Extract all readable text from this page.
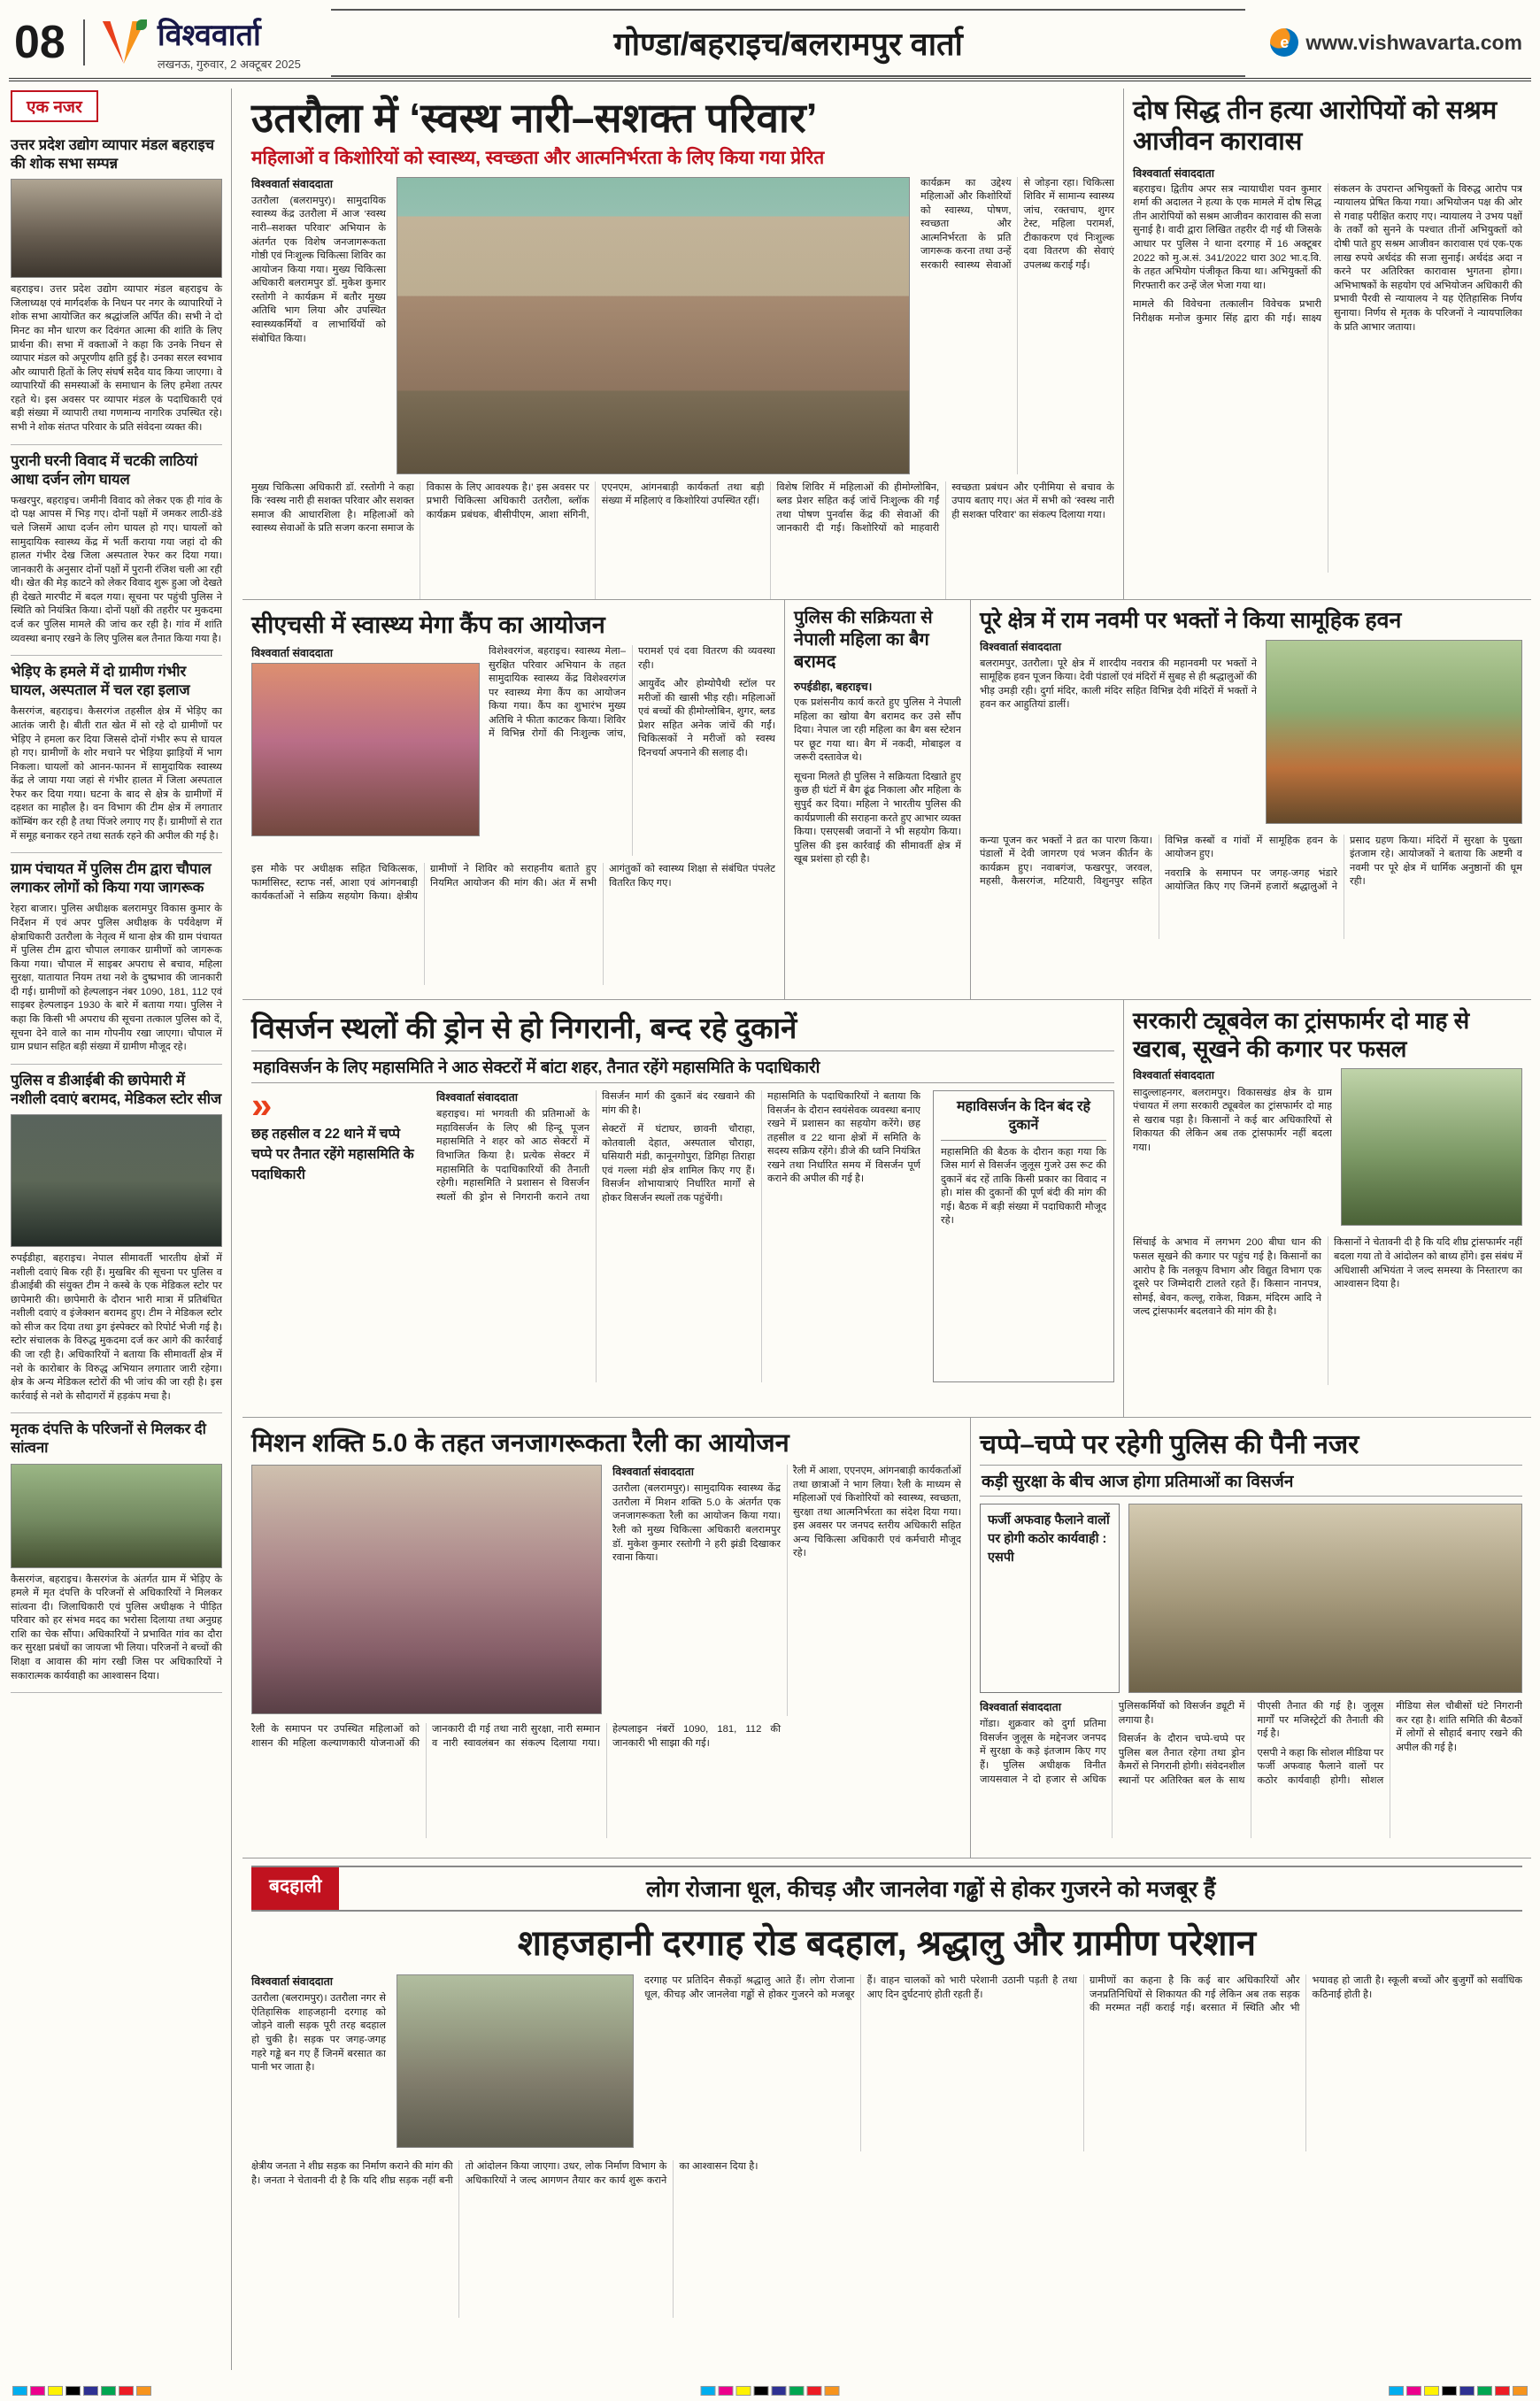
08	विश्ववार्ता
लखनऊ, गुरुवार, 2 अक्टूबर 2025
गोण्डा/बहराइच/बलरामपुर वार्ता	e www.vishwavarta.com
एक नजर
उत्तर प्रदेश उद्योग व्यापार मंडल बहराइच की शोक सभा सम्पन्न

बहराइच। उत्तर प्रदेश उद्योग व्यापार मंडल बहराइच के जिलाध्यक्ष एवं मार्गदर्शक के निधन पर नगर के व्यापारियों ने शोक सभा आयोजित कर श्रद्धांजलि अर्पित की। सभी ने दो मिनट का मौन धारण कर दिवंगत आत्मा की शांति के लिए प्रार्थना की। सभा में वक्ताओं ने कहा कि उनके निधन से व्यापार मंडल को अपूरणीय क्षति हुई है। उनका सरल स्वभाव और व्यापारी हितों के लिए संघर्ष सदैव याद किया जाएगा। वे व्यापारियों की समस्याओं के समाधान के लिए हमेशा तत्पर रहते थे। इस अवसर पर व्यापार मंडल के पदाधिकारी एवं बड़ी संख्या में व्यापारी तथा गणमान्य नागरिक उपस्थित रहे। सभी ने शोक संतप्त परिवार के प्रति संवेदना व्यक्त की।

पुरानी घरनी विवाद में चटकी लाठियां आधा दर्जन लोग घायल

फखरपुर, बहराइच। जमीनी विवाद को लेकर एक ही गांव के दो पक्ष आपस में भिड़ गए। दोनों पक्षों में जमकर लाठी-डंडे चले जिसमें आधा दर्जन लोग घायल हो गए। घायलों को सामुदायिक स्वास्थ्य केंद्र में भर्ती कराया गया जहां दो की हालत गंभीर देख जिला अस्पताल रेफर कर दिया गया। जानकारी के अनुसार दोनों पक्षों में पुरानी रंजिश चली आ रही थी। खेत की मेड़ काटने को लेकर विवाद शुरू हुआ जो देखते ही देखते मारपीट में बदल गया। सूचना पर पहुंची पुलिस ने स्थिति को नियंत्रित किया। दोनों पक्षों की तहरीर पर मुकदमा दर्ज कर पुलिस मामले की जांच कर रही है। गांव में शांति व्यवस्था बनाए रखने के लिए पुलिस बल तैनात किया गया है।

भेड़िए के हमले में दो ग्रामीण गंभीर घायल, अस्पताल में चल रहा इलाज

कैसरगंज, बहराइच। कैसरगंज तहसील क्षेत्र में भेड़िए का आतंक जारी है। बीती रात खेत में सो रहे दो ग्रामीणों पर भेड़िए ने हमला कर दिया जिससे दोनों गंभीर रूप से घायल हो गए। ग्रामीणों के शोर मचाने पर भेड़िया झाड़ियों में भाग निकला। घायलों को आनन-फानन में सामुदायिक स्वास्थ्य केंद्र ले जाया गया जहां से गंभीर हालत में जिला अस्पताल रेफर कर दिया गया। घटना के बाद से क्षेत्र के ग्रामीणों में दहशत का माहौल है। वन विभाग की टीम क्षेत्र में लगातार कॉम्बिंग कर रही है तथा पिंजरे लगाए गए हैं। ग्रामीणों से रात में समूह बनाकर रहने तथा सतर्क रहने की अपील की गई है।

ग्राम पंचायत में पुलिस टीम द्वारा चौपाल लगाकर लोगों को किया गया जागरूक

रेहरा बाजार। पुलिस अधीक्षक बलरामपुर विकास कुमार के निर्देशन में एवं अपर पुलिस अधीक्षक के पर्यवेक्षण में क्षेत्राधिकारी उतरौला के नेतृत्व में थाना क्षेत्र की ग्राम पंचायत में पुलिस टीम द्वारा चौपाल लगाकर ग्रामीणों को जागरूक किया गया। चौपाल में साइबर अपराध से बचाव, महिला सुरक्षा, यातायात नियम तथा नशे के दुष्प्रभाव की जानकारी दी गई। ग्रामीणों को हेल्पलाइन नंबर 1090, 181, 112 एवं साइबर हेल्पलाइन 1930 के बारे में बताया गया। पुलिस ने कहा कि किसी भी अपराध की सूचना तत्काल पुलिस को दें, सूचना देने वाले का नाम गोपनीय रखा जाएगा। चौपाल में ग्राम प्रधान सहित बड़ी संख्या में ग्रामीण मौजूद रहे।

पुलिस व डीआईबी की छापेमारी में नशीली दवाएं बरामद, मेडिकल स्टोर सीज

रुपईडीहा, बहराइच। नेपाल सीमावर्ती भारतीय क्षेत्रों में नशीली दवाएं बिक रही हैं। मुखबिर की सूचना पर पुलिस व डीआईबी की संयुक्त टीम ने कस्बे के एक मेडिकल स्टोर पर छापेमारी की। छापेमारी के दौरान भारी मात्रा में प्रतिबंधित नशीली दवाएं व इंजेक्शन बरामद हुए। टीम ने मेडिकल स्टोर को सीज कर दिया तथा ड्रग इंस्पेक्टर को रिपोर्ट भेजी गई है। स्टोर संचालक के विरुद्ध मुकदमा दर्ज कर आगे की कार्रवाई की जा रही है। अधिकारियों ने बताया कि सीमावर्ती क्षेत्र में नशे के कारोबार के विरुद्ध अभियान लगातार जारी रहेगा। क्षेत्र के अन्य मेडिकल स्टोरों की भी जांच की जा रही है। इस कार्रवाई से नशे के सौदागरों में हड़कंप मचा है।

मृतक दंपत्ति के परिजनों से मिलकर दी सांत्वना

कैसरगंज, बहराइच। कैसरगंज के अंतर्गत ग्राम में भेड़िए के हमले में मृत दंपत्ति के परिजनों से अधिकारियों ने मिलकर सांत्वना दी। जिलाधिकारी एवं पुलिस अधीक्षक ने पीड़ित परिवार को हर संभव मदद का भरोसा दिलाया तथा अनुग्रह राशि का चेक सौंपा। अधिकारियों ने प्रभावित गांव का दौरा कर सुरक्षा प्रबंधों का जायजा भी लिया। परिजनों ने बच्चों की शिक्षा व आवास की मांग रखी जिस पर अधिकारियों ने सकारात्मक कार्यवाही का आश्वासन दिया।

उतरौला में ‘स्वस्थ नारी–सशक्त परिवार’
महिलाओं व किशोरियों को स्वास्थ्य, स्वच्छता और आत्मनिर्भरता के लिए किया गया प्रेरित
विश्ववार्ता संवाददाता

उतरौला (बलरामपुर)। सामुदायिक स्वास्थ्य केंद्र उतरौला में आज ‘स्वस्थ नारी–सशक्त परिवार’ अभियान के अंतर्गत एक विशेष जनजागरूकता गोष्ठी एवं निःशुल्क चिकित्सा शिविर का आयोजन किया गया। मुख्य चिकित्सा अधिकारी बलरामपुर डॉ. मुकेश कुमार रस्तोगी ने कार्यक्रम में बतौर मुख्य अतिथि भाग लिया और उपस्थित स्वास्थ्यकर्मियों व लाभार्थियों को संबोधित किया।

कार्यक्रम का उद्देश्य महिलाओं और किशोरियों को स्वास्थ्य, पोषण, स्वच्छता और आत्मनिर्भरता के प्रति जागरूक करना तथा उन्हें सरकारी स्वास्थ्य सेवाओं से जोड़ना रहा। चिकित्सा शिविर में सामान्य स्वास्थ्य जांच, रक्तचाप, शुगर टेस्ट, महिला परामर्श, टीकाकरण एवं निःशुल्क दवा वितरण की सेवाएं उपलब्ध कराई गईं।

मुख्य चिकित्सा अधिकारी डॉ. रस्तोगी ने कहा कि ‘स्वस्थ नारी ही सशक्त परिवार और सशक्त समाज की आधारशिला है। महिलाओं को स्वास्थ्य सेवाओं के प्रति सजग करना समाज के विकास के लिए आवश्यक है।’ इस अवसर पर प्रभारी चिकित्सा अधिकारी उतरौला, ब्लॉक कार्यक्रम प्रबंधक, बीसीपीएम, आशा संगिनी, एएनएम, आंगनबाड़ी कार्यकर्ता तथा बड़ी संख्या में महिलाएं व किशोरियां उपस्थित रहीं।

विशेष शिविर में महिलाओं की हीमोग्लोबिन, ब्लड प्रेशर सहित कई जांचें निःशुल्क की गईं तथा पोषण पुनर्वास केंद्र की सेवाओं की जानकारी दी गई। किशोरियों को माहवारी स्वच्छता प्रबंधन और एनीमिया से बचाव के उपाय बताए गए। अंत में सभी को ‘स्वस्थ नारी ही सशक्त परिवार’ का संकल्प दिलाया गया।

दोष सिद्ध तीन हत्या आरोपियों को सश्रम आजीवन कारावास
विश्ववार्ता संवाददाता

बहराइच। द्वितीय अपर सत्र न्यायाधीश पवन कुमार शर्मा की अदालत ने हत्या के एक मामले में दोष सिद्ध तीन आरोपियों को सश्रम आजीवन कारावास की सजा सुनाई है। वादी द्वारा लिखित तहरीर दी गई थी जिसके आधार पर पुलिस ने थाना दरगाह में 16 अक्टूबर 2022 को मु.अ.सं. 341/2022 धारा 302 भा.द.वि. के तहत अभियोग पंजीकृत किया था। अभियुक्तों की गिरफ्तारी कर उन्हें जेल भेजा गया था।

मामले की विवेचना तत्कालीन विवेचक प्रभारी निरीक्षक मनोज कुमार सिंह द्वारा की गई। साक्ष्य संकलन के उपरान्त अभियुक्तों के विरुद्ध आरोप पत्र न्यायालय प्रेषित किया गया। अभियोजन पक्ष की ओर से गवाह परीक्षित कराए गए। न्यायालय ने उभय पक्षों के तर्कों को सुनने के पश्चात तीनों अभियुक्तों को दोषी पाते हुए सश्रम आजीवन कारावास एवं एक-एक लाख रुपये अर्थदंड की सजा सुनाई। अर्थदंड अदा न करने पर अतिरिक्त कारावास भुगतना होगा। अभिभाषकों के सहयोग एवं अभियोजन अधिकारी की प्रभावी पैरवी से न्यायालय ने यह ऐतिहासिक निर्णय सुनाया। निर्णय से मृतक के परिजनों ने न्यायपालिका के प्रति आभार जताया।

सीएचसी में स्वास्थ्य मेगा कैंप का आयोजन
विश्ववार्ता संवाददाता	विशेश्वरगंज, बहराइच। स्वास्थ्य मेला–सुरक्षित परिवार अभियान के तहत सामुदायिक स्वास्थ्य केंद्र विशेश्वरगंज पर स्वास्थ्य मेगा कैंप का आयोजन किया गया। कैंप का शुभारंभ मुख्य अतिथि ने फीता काटकर किया। शिविर में विभिन्न रोगों की निःशुल्क जांच, परामर्श एवं दवा वितरण की व्यवस्था रही।

आयुर्वेद और होम्योपैथी स्टॉल पर मरीजों की खासी भीड़ रही। महिलाओं एवं बच्चों की हीमोग्लोबिन, शुगर, ब्लड प्रेशर सहित अनेक जांचें की गईं। चिकित्सकों ने मरीजों को स्वस्थ दिनचर्या अपनाने की सलाह दी।

इस मौके पर अधीक्षक सहित चिकित्सक, फार्मासिस्ट, स्टाफ नर्स, आशा एवं आंगनबाड़ी कार्यकर्ताओं ने सक्रिय सहयोग किया। क्षेत्रीय ग्रामीणों ने शिविर को सराहनीय बताते हुए नियमित आयोजन की मांग की। अंत में सभी आगंतुकों को स्वास्थ्य शिक्षा से संबंधित पंपलेट वितरित किए गए।

पुलिस की सक्रियता से नेपाली महिला का बैग बरामद
रुपईडीहा, बहराइच।

एक प्रशंसनीय कार्य करते हुए पुलिस ने नेपाली महिला का खोया बैग बरामद कर उसे सौंप दिया। नेपाल जा रही महिला का बैग बस स्टेशन पर छूट गया था। बैग में नकदी, मोबाइल व जरूरी दस्तावेज थे।

सूचना मिलते ही पुलिस ने सक्रियता दिखाते हुए कुछ ही घंटों में बैग ढूंढ निकाला और महिला के सुपुर्द कर दिया। महिला ने भारतीय पुलिस की कार्यप्रणाली की सराहना करते हुए आभार व्यक्त किया। एसएसबी जवानों ने भी सहयोग किया। पुलिस की इस कार्रवाई की सीमावर्ती क्षेत्र में खूब प्रशंसा हो रही है।

पूरे क्षेत्र में राम नवमी पर भक्तों ने किया सामूहिक हवन
विश्ववार्ता संवाददाता

बलरामपुर, उतरौला। पूरे क्षेत्र में शारदीय नवरात्र की महानवमी पर भक्तों ने सामूहिक हवन पूजन किया। देवी पंडालों एवं मंदिरों में सुबह से ही श्रद्धालुओं की भीड़ उमड़ी रही। दुर्गा मंदिर, काली मंदिर सहित विभिन्न देवी मंदिरों में भक्तों ने हवन कर आहुतियां डालीं।

कन्या पूजन कर भक्तों ने व्रत का पारण किया। पंडालों में देवी जागरण एवं भजन कीर्तन के कार्यक्रम हुए। नवाबगंज, फखरपुर, जरवल, महसी, कैसरगंज, मटियारी, विशुनपुर सहित विभिन्न कस्बों व गांवों में सामूहिक हवन के आयोजन हुए।

नवरात्रि के समापन पर जगह-जगह भंडारे आयोजित किए गए जिनमें हजारों श्रद्धालुओं ने प्रसाद ग्रहण किया। मंदिरों में सुरक्षा के पुख्ता इंतजाम रहे। आयोजकों ने बताया कि अष्टमी व नवमी पर पूरे क्षेत्र में धार्मिक अनुष्ठानों की धूम रही।

विसर्जन स्थलों की ड्रोन से हो निगरानी, बन्द रहे दुकानें
महाविसर्जन के लिए महासमिति ने आठ सेक्टरों में बांटा शहर, तैनात रहेंगे महासमिति के पदाधिकारी
»
छह तहसील व 22 थाने में चप्पे चप्पे पर तैनात रहेंगे महासमिति के पदाधिकारी
विश्ववार्ता संवाददाता

बहराइच। मां भगवती की प्रतिमाओं के महाविसर्जन के लिए श्री हिन्दू पूजन महासमिति ने शहर को आठ सेक्टरों में विभाजित किया है। प्रत्येक सेक्टर में महासमिति के पदाधिकारियों की तैनाती रहेगी। महासमिति ने प्रशासन से विसर्जन स्थलों की ड्रोन से निगरानी कराने तथा विसर्जन मार्ग की दुकानें बंद रखवाने की मांग की है।

सेक्टरों में घंटाघर, छावनी चौराहा, कोतवाली देहात, अस्पताल चौराहा, घसियारी मंडी, कानूनगोपुरा, डिगिहा तिराहा एवं गल्ला मंडी क्षेत्र शामिल किए गए हैं। विसर्जन शोभायात्राएं निर्धारित मार्गों से होकर विसर्जन स्थलों तक पहुंचेंगी।

महासमिति के पदाधिकारियों ने बताया कि विसर्जन के दौरान स्वयंसेवक व्यवस्था बनाए रखने में प्रशासन का सहयोग करेंगे। छह तहसील व 22 थाना क्षेत्रों में समिति के सदस्य सक्रिय रहेंगे। डीजे की ध्वनि नियंत्रित रखने तथा निर्धारित समय में विसर्जन पूर्ण कराने की अपील की गई है।

महाविसर्जन के दिन बंद रहे दुकानें

महासमिति की बैठक के दौरान कहा गया कि जिस मार्ग से विसर्जन जुलूस गुजरे उस रूट की दुकानें बंद रहें ताकि किसी प्रकार का विवाद न हो। मांस की दुकानों की पूर्ण बंदी की मांग की गई। बैठक में बड़ी संख्या में पदाधिकारी मौजूद रहे।

सरकारी ट्यूबवेल का ट्रांसफार्मर दो माह से खराब, सूखने की कगार पर फसल
विश्ववार्ता संवाददाता

सादुल्लाहनगर, बलरामपुर। विकासखंड क्षेत्र के ग्राम पंचायत में लगा सरकारी ट्यूबवेल का ट्रांसफार्मर दो माह से खराब पड़ा है। किसानों ने कई बार अधिकारियों से शिकायत की लेकिन अब तक ट्रांसफार्मर नहीं बदला गया।

सिंचाई के अभाव में लगभग 200 बीघा धान की फसल सूखने की कगार पर पहुंच गई है। किसानों का आरोप है कि नलकूप विभाग और विद्युत विभाग एक दूसरे पर जिम्मेदारी टालते रहते हैं। किसान नानपत्र, सोमई, बेवन, कल्लू, राकेश, विक्रम, मंदिरम आदि ने जल्द ट्रांसफार्मर बदलवाने की मांग की है।

किसानों ने चेतावनी दी है कि यदि शीघ्र ट्रांसफार्मर नहीं बदला गया तो वे आंदोलन को बाध्य होंगे। इस संबंध में अधिशासी अभियंता ने जल्द समस्या के निस्तारण का आश्वासन दिया है।

मिशन शक्ति 5.0 के तहत जनजागरूकता रैली का आयोजन
विश्ववार्ता संवाददाता

उतरौला (बलरामपुर)। सामुदायिक स्वास्थ्य केंद्र उतरौला में मिशन शक्ति 5.0 के अंतर्गत एक जनजागरूकता रैली का आयोजन किया गया। रैली को मुख्य चिकित्सा अधिकारी बलरामपुर डॉ. मुकेश कुमार रस्तोगी ने हरी झंडी दिखाकर रवाना किया।

रैली में आशा, एएनएम, आंगनबाड़ी कार्यकर्ताओं तथा छात्राओं ने भाग लिया। रैली के माध्यम से महिलाओं एवं किशोरियों को स्वास्थ्य, स्वच्छता, सुरक्षा तथा आत्मनिर्भरता का संदेश दिया गया। इस अवसर पर जनपद स्तरीय अधिकारी सहित अन्य चिकित्सा अधिकारी एवं कर्मचारी मौजूद रहे।

रैली के समापन पर उपस्थित महिलाओं को शासन की महिला कल्याणकारी योजनाओं की जानकारी दी गई तथा नारी सुरक्षा, नारी सम्मान व नारी स्वावलंबन का संकल्प दिलाया गया। हेल्पलाइन नंबरों 1090, 181, 112 की जानकारी भी साझा की गई।

चप्पे–चप्पे पर रहेगी पुलिस की पैनी नजर
कड़ी सुरक्षा के बीच आज होगा प्रतिमाओं का विसर्जन
फर्जी अफवाह फैलाने वालों पर होगी कठोर कार्यवाही : एसपी
विश्ववार्ता संवाददाता

गोंडा। शुक्रवार को दुर्गा प्रतिमा विसर्जन जुलूस के मद्देनजर जनपद में सुरक्षा के कड़े इंतजाम किए गए हैं। पुलिस अधीक्षक विनीत जायसवाल ने दो हजार से अधिक पुलिसकर्मियों को विसर्जन ड्यूटी में लगाया है।

विसर्जन के दौरान चप्पे-चप्पे पर पुलिस बल तैनात रहेगा तथा ड्रोन कैमरों से निगरानी होगी। संवेदनशील स्थानों पर अतिरिक्त बल के साथ पीएसी तैनात की गई है। जुलूस मार्गों पर मजिस्ट्रेटों की तैनाती की गई है।

एसपी ने कहा कि सोशल मीडिया पर फर्जी अफवाह फैलाने वालों पर कठोर कार्यवाही होगी। सोशल मीडिया सेल चौबीसों घंटे निगरानी कर रहा है। शांति समिति की बैठकों में लोगों से सौहार्द बनाए रखने की अपील की गई है।

बदहाली	लोग रोजाना धूल, कीचड़ और जानलेवा गढ्ढों से होकर गुजरने को मजबूर हैं
शाहजहानी दरगाह रोड बदहाल, श्रद्धालु और ग्रामीण परेशान
विश्ववार्ता संवाददाता

उतरौला (बलरामपुर)। उतरौला नगर से ऐतिहासिक शाहजहानी दरगाह को जोड़ने वाली सड़क पूरी तरह बदहाल हो चुकी है। सड़क पर जगह-जगह गहरे गड्ढे बन गए हैं जिनमें बरसात का पानी भर जाता है।

दरगाह पर प्रतिदिन सैकड़ों श्रद्धालु आते हैं। लोग रोजाना धूल, कीचड़ और जानलेवा गड्ढों से होकर गुजरने को मजबूर हैं। वाहन चालकों को भारी परेशानी उठानी पड़ती है तथा आए दिन दुर्घटनाएं होती रहती हैं।

ग्रामीणों का कहना है कि कई बार अधिकारियों और जनप्रतिनिधियों से शिकायत की गई लेकिन अब तक सड़क की मरम्मत नहीं कराई गई। बरसात में स्थिति और भी भयावह हो जाती है। स्कूली बच्चों और बुजुर्गों को सर्वाधिक कठिनाई होती है।

क्षेत्रीय जनता ने शीघ्र सड़क का निर्माण कराने की मांग की है। जनता ने चेतावनी दी है कि यदि शीघ्र सड़क नहीं बनी तो आंदोलन किया जाएगा। उधर, लोक निर्माण विभाग के अधिकारियों ने जल्द आगणन तैयार कर कार्य शुरू कराने का आश्वासन दिया है।
